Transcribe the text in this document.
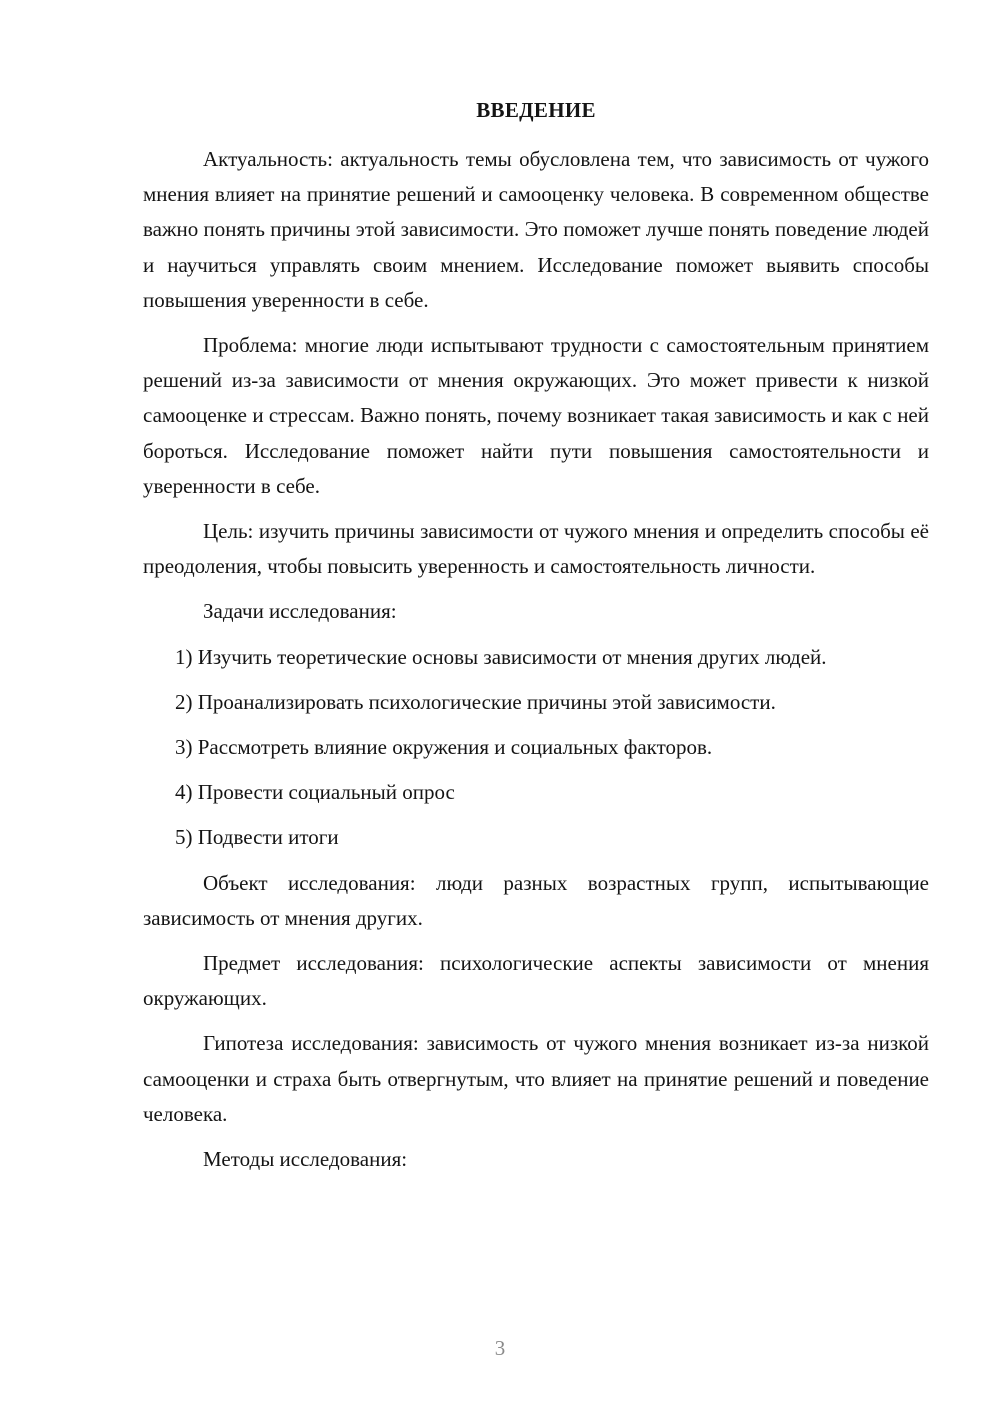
ВВЕДЕНИЕ

Актуальность: актуальность темы обусловлена тем, что зависимость от чужого мнения влияет на принятие решений и самооценку человека. В современном обществе важно понять причины этой зависимости. Это поможет лучше понять поведение людей и научиться управлять своим мнением. Исследование поможет выявить способы повышения уверенности в себе.

Проблема: многие люди испытывают трудности с самостоятельным принятием решений из-за зависимости от мнения окружающих. Это может привести к низкой самооценке и стрессам. Важно понять, почему возникает такая зависимость и как с ней бороться. Исследование поможет найти пути повышения самостоятельности и уверенности в себе.

Цель: изучить причины зависимости от чужого мнения и определить способы её преодоления, чтобы повысить уверенность и самостоятельность личности.

Задачи исследования:

1) Изучить теоретические основы зависимости от мнения других людей.

2) Проанализировать психологические причины этой зависимости.

3) Рассмотреть влияние окружения и социальных факторов.

4) Провести социальный опрос

5) Подвести итоги

Объект исследования: люди разных возрастных групп, испытывающие зависимость от мнения других.

Предмет исследования: психологические аспекты зависимости от мнения окружающих.

Гипотеза исследования: зависимость от чужого мнения возникает из-за низкой самооценки и страха быть отвергнутым, что влияет на принятие решений и поведение человека.

Методы исследования:

3
